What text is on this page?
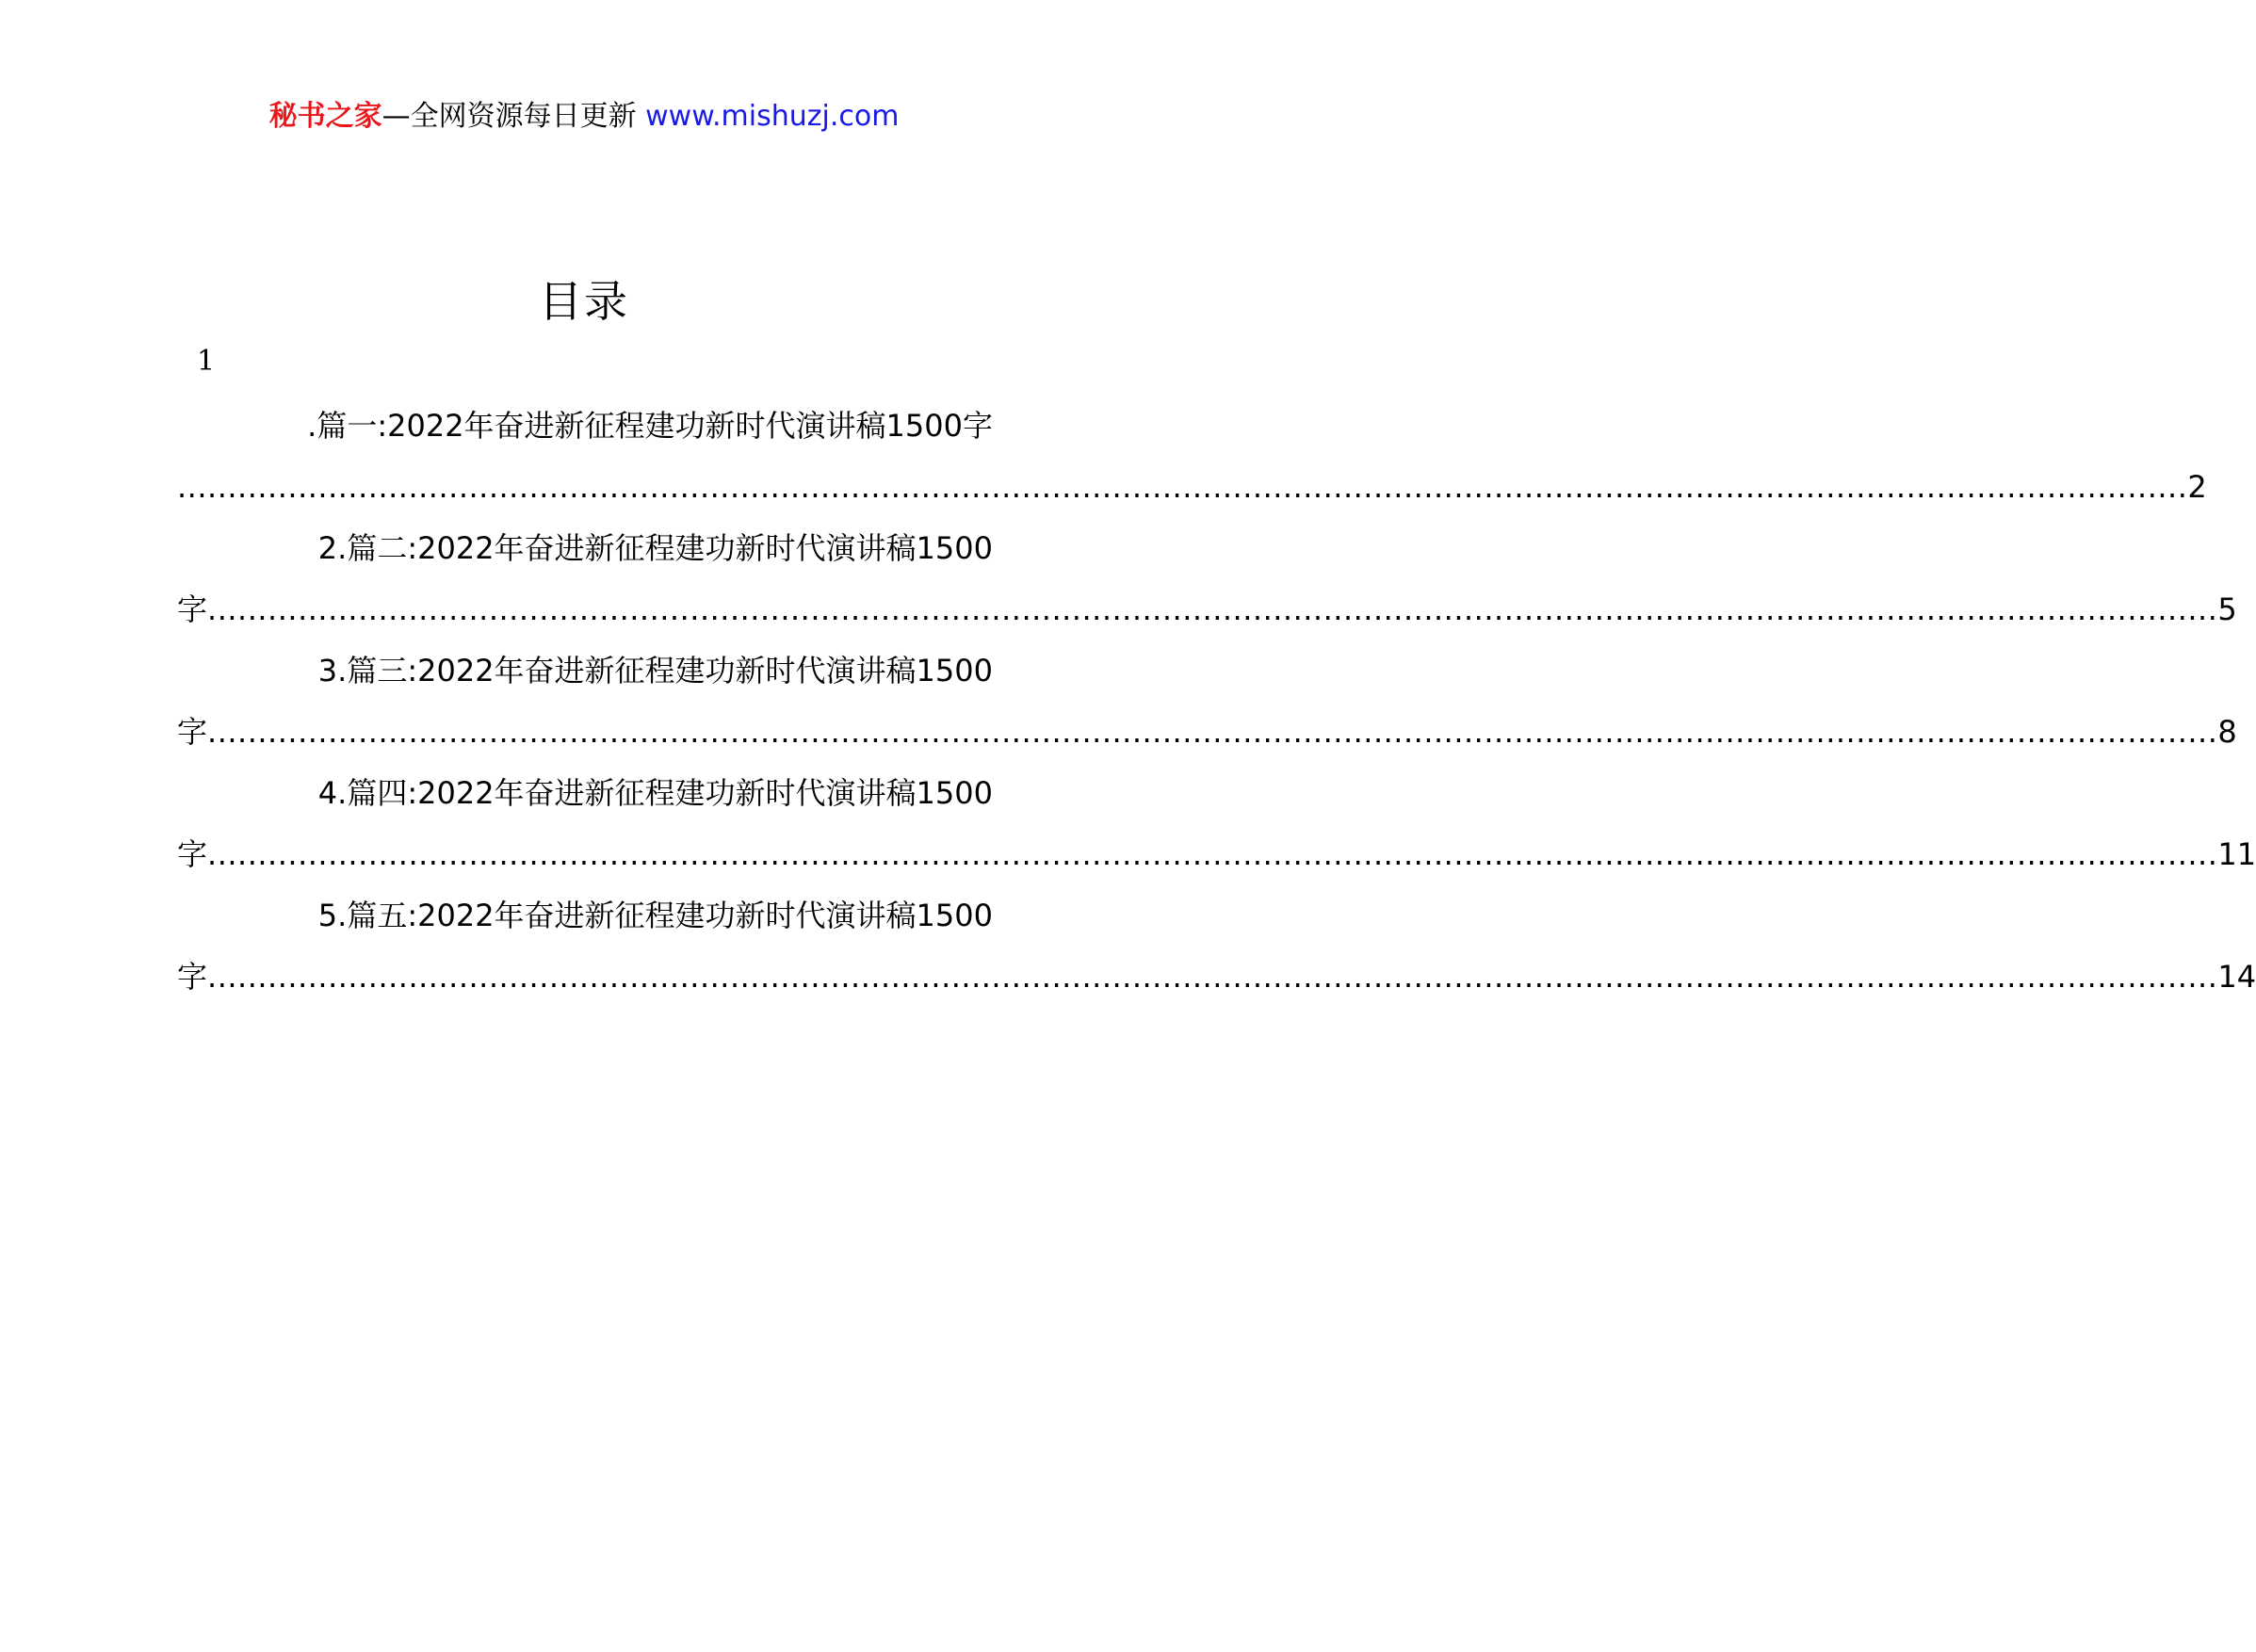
秘书之家—全网资源每日更新 www.mishuzj.com
目录
1
.篇一:2022年奋进新征程建功新时代演讲稿1500字
........................................................................................................................................................................................................ 2
2.篇二:2022年奋进新征程建功新时代演讲稿1500
字 ........................................................................................................................................................................................................ 5
3.篇三:2022年奋进新征程建功新时代演讲稿1500
字 ........................................................................................................................................................................................................ 8
4.篇四:2022年奋进新征程建功新时代演讲稿1500
字 ........................................................................................................................................................................................................ 11
5.篇五:2022年奋进新征程建功新时代演讲稿1500
字 ........................................................................................................................................................................................................ 14
